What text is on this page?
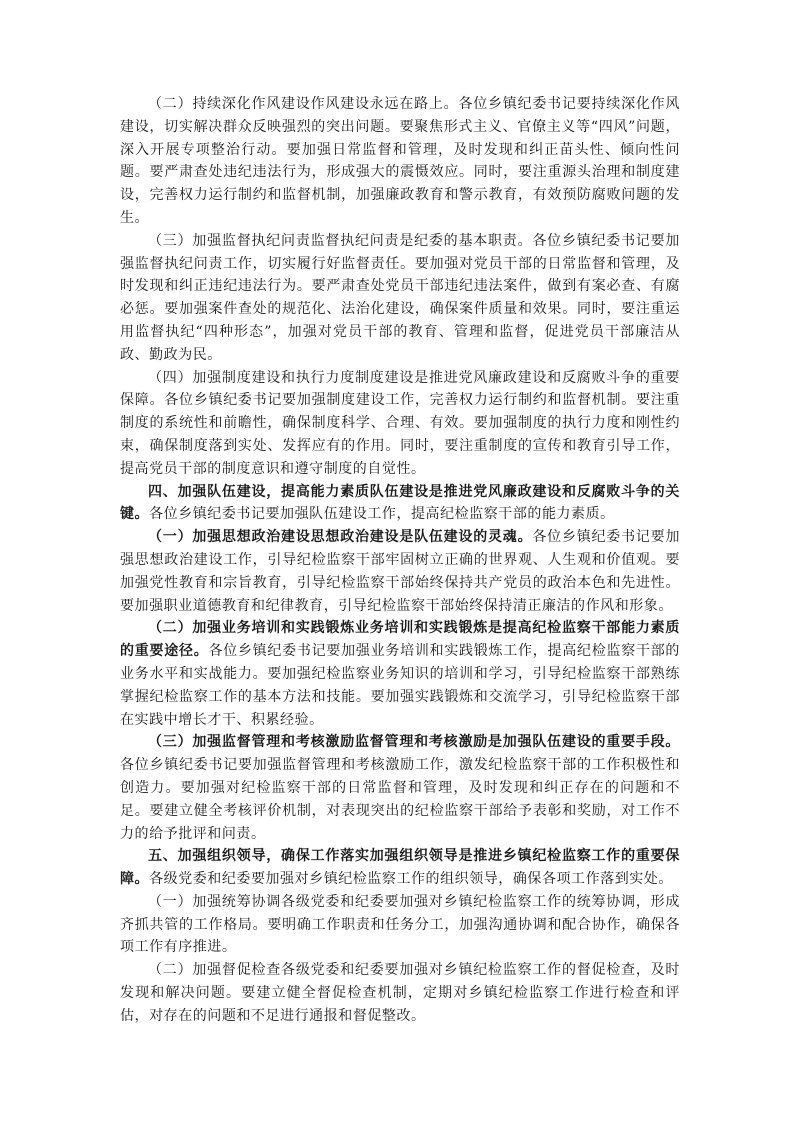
（二）持续深化作风建设作风建设永远在路上。各位乡镇纪委书记要持续深化作风建设，切实解决群众反映强烈的突出问题。要聚焦形式主义、官僚主义等“四风”问题，深入开展专项整治行动。要加强日常监督和管理，及时发现和纠正苗头性、倾向性问题。要严肃查处违纪违法行为，形成强大的震慑效应。同时，要注重源头治理和制度建设，完善权力运行制约和监督机制，加强廉政教育和警示教育，有效预防腐败问题的发生。

（三）加强监督执纪问责监督执纪问责是纪委的基本职责。各位乡镇纪委书记要加强监督执纪问责工作，切实履行好监督责任。要加强对党员干部的日常监督和管理，及时发现和纠正违纪违法行为。要严肃查处党员干部违纪违法案件，做到有案必查、有腐必惩。要加强案件查处的规范化、法治化建设，确保案件质量和效果。同时，要注重运用监督执纪“四种形态”，加强对党员干部的教育、管理和监督，促进党员干部廉洁从政、勤政为民。

（四）加强制度建设和执行力度制度建设是推进党风廉政建设和反腐败斗争的重要保障。各位乡镇纪委书记要加强制度建设工作，完善权力运行制约和监督机制。要注重制度的系统性和前瞻性，确保制度科学、合理、有效。要加强制度的执行力度和刚性约束，确保制度落到实处、发挥应有的作用。同时，要注重制度的宣传和教育引导工作，提高党员干部的制度意识和遵守制度的自觉性。

四、加强队伍建设，提高能力素质队伍建设是推进党风廉政建设和反腐败斗争的关键。各位乡镇纪委书记要加强队伍建设工作，提高纪检监察干部的能力素质。

（一）加强思想政治建设思想政治建设是队伍建设的灵魂。各位乡镇纪委书记要加强思想政治建设工作，引导纪检监察干部牢固树立正确的世界观、人生观和价值观。要加强党性教育和宗旨教育，引导纪检监察干部始终保持共产党员的政治本色和先进性。要加强职业道德教育和纪律教育，引导纪检监察干部始终保持清正廉洁的作风和形象。

（二）加强业务培训和实践锻炼业务培训和实践锻炼是提高纪检监察干部能力素质的重要途径。各位乡镇纪委书记要加强业务培训和实践锻炼工作，提高纪检监察干部的业务水平和实战能力。要加强纪检监察业务知识的培训和学习，引导纪检监察干部熟练掌握纪检监察工作的基本方法和技能。要加强实践锻炼和交流学习，引导纪检监察干部在实践中增长才干、积累经验。

（三）加强监督管理和考核激励监督管理和考核激励是加强队伍建设的重要手段。各位乡镇纪委书记要加强监督管理和考核激励工作，激发纪检监察干部的工作积极性和创造力。要加强对纪检监察干部的日常监督和管理，及时发现和纠正存在的问题和不足。要建立健全考核评价机制，对表现突出的纪检监察干部给予表彰和奖励，对工作不力的给予批评和问责。

五、加强组织领导，确保工作落实加强组织领导是推进乡镇纪检监察工作的重要保障。各级党委和纪委要加强对乡镇纪检监察工作的组织领导，确保各项工作落到实处。

（一）加强统筹协调各级党委和纪委要加强对乡镇纪检监察工作的统筹协调，形成齐抓共管的工作格局。要明确工作职责和任务分工，加强沟通协调和配合协作，确保各项工作有序推进。

（二）加强督促检查各级党委和纪委要加强对乡镇纪检监察工作的督促检查，及时发现和解决问题。要建立健全督促检查机制，定期对乡镇纪检监察工作进行检查和评估，对存在的问题和不足进行通报和督促整改。
